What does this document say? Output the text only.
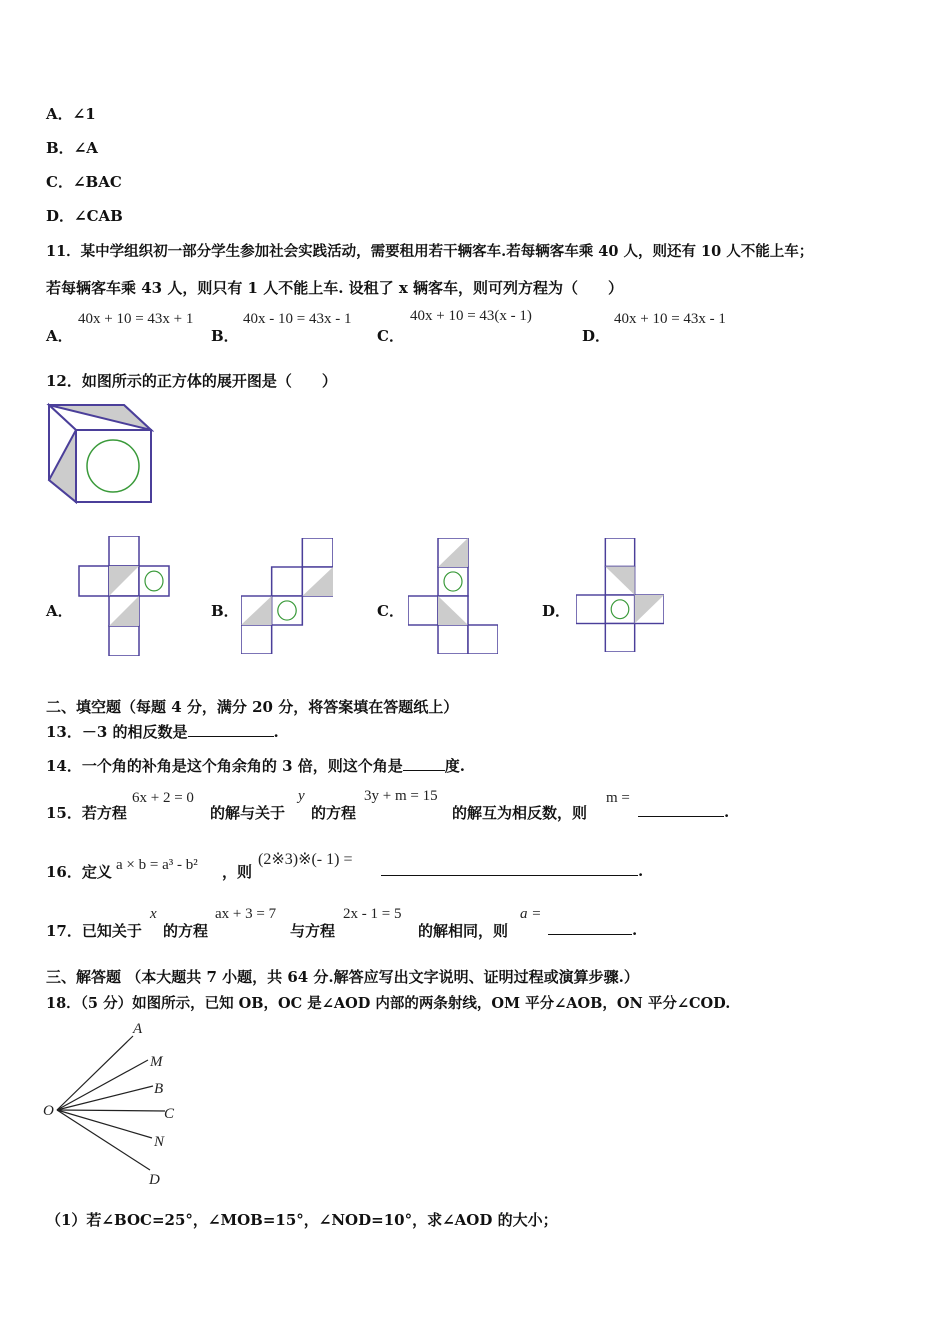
A．∠1
B．∠A
C．∠BAC
D．∠CAB
11．某中学组织初一部分学生参加社会实践活动，需要租用若干辆客车.若每辆客车乘 40 人，则还有 10 人不能上车；
若每辆客车乘 43 人，则只有 1 人不能上车. 设租了 x 辆客车，则可列方程为（　　）
A．
40x + 10 = 43x + 1
B．
40x - 10 = 43x - 1
C．
40x + 10 = 43(x - 1)
D．
40x + 10 = 43x - 1
12．如图所示的正方体的展开图是（　　）
A．	B．	C．	D．
二、填空题（每题 4 分，满分 20 分，将答案填在答题纸上）
13．－3 的相反数是	.
14．一个角的补角是这个角余角的 3 倍，则这个角是	度.
15．若方程
6x + 2 = 0
的解与关于
y
的方程
3y + m = 15
的解互为相反数，则
m =
.
16．定义 a × b = a³ - b² ，则
(2※3)※(- 1) =
.
17．已知关于
x
的方程
ax + 3 = 7
与方程
2x - 1 = 5
的解相同，则
a =
.
三、解答题 （本大题共 7 小题，共 64 分.解答应写出文字说明、证明过程或演算步骤.）
18．（5 分）如图所示，已知 OB，OC 是∠AOD 内部的两条射线，OM 平分∠AOB，ON 平分∠COD.
O
A
M
B
C
N
D
（1）若∠BOC=25°，∠MOB=15°，∠NOD=10°，求∠AOD 的大小；
